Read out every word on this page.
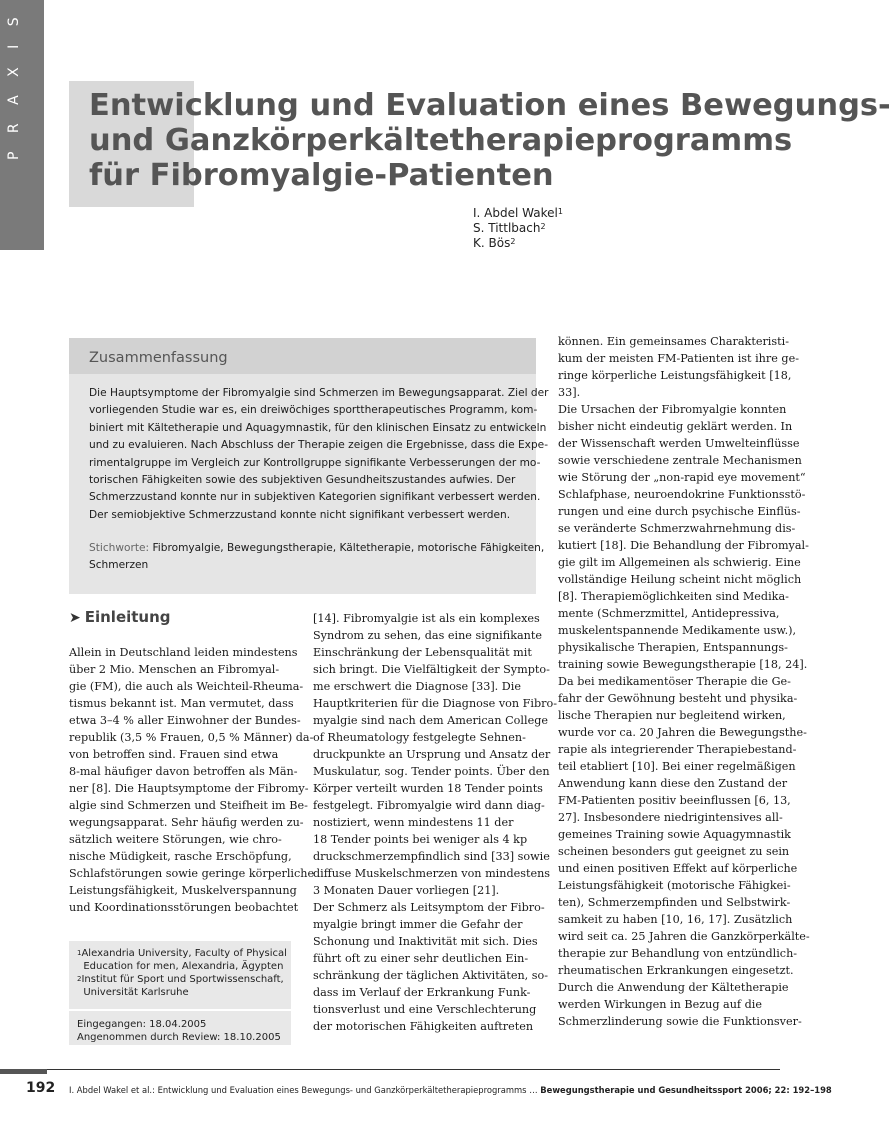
P R A X I S Entwicklung und Evaluation eines Bewegungs-
und Ganzkörperkältetherapieprogramms
für Fibromyalgie-Patienten
I. Abdel Wakel$^1$
S. Tittlbach$^2$
K. Bös$^2$
Zusammenfassung
Die Hauptsymptome der Fibromyalgie sind Schmerzen im Bewegungsapparat. Ziel der
vorliegenden Studie war es, ein dreiwöchiges sporttherapeutisches Programm, kom-
biniert mit Kältetherapie und Aquagymnastik, für den klinischen Einsatz zu entwickeln
und zu evaluieren. Nach Abschluss der Therapie zeigen die Ergebnisse, dass die Expe-
rimentalgruppe im Vergleich zur Kontrollgruppe signifikante Verbesserungen der mo-
torischen Fähigkeiten sowie des subjektiven Gesundheitszustandes aufwies. Der
Schmerzzustand konnte nur in subjektiven Kategorien signifikant verbessert werden.
Der semiobjektive Schmerzzustand konnte nicht signifikant verbessert werden.
Stichworte: Fibromyalgie, Bewegungstherapie, Kältetherapie, motorische Fähigkeiten,
Schmerzen
➤ Einleitung
Allein in Deutschland leiden mindestens
über 2 Mio. Menschen an Fibromyal-
gie (FM), die auch als Weichteil-Rheuma-
tismus bekannt ist. Man vermutet, dass
etwa 3–4 % aller Einwohner der Bundes-
republik (3,5 % Frauen, 0,5 % Männer) da-
von betroffen sind. Frauen sind etwa
8-mal häufiger davon betroffen als Män-
ner [8]. Die Hauptsymptome der Fibromy-
algie sind Schmerzen und Steifheit im Be-
wegungsapparat. Sehr häufig werden zu-
sätzlich weitere Störungen, wie chro-
nische Müdigkeit, rasche Erschöpfung,
Schlafstörungen sowie geringe körperliche
Leistungsfähigkeit, Muskelverspannung
und Koordinationsstörungen beobachtet
[14]. Fibromyalgie ist als ein komplexes
Syndrom zu sehen, das eine signifikante
Einschränkung der Lebensqualität mit
sich bringt. Die Vielfältigkeit der Sympto-
me erschwert die Diagnose [33]. Die
Hauptkriterien für die Diagnose von Fibro-
myalgie sind nach dem American College
of Rheumatology festgelegte Sehnen-
druckpunkte an Ursprung und Ansatz der
Muskulatur, sog. Tender points. Über den
Körper verteilt wurden 18 Tender points
festgelegt. Fibromyalgie wird dann diag-
nostiziert, wenn mindestens 11 der
18 Tender points bei weniger als 4 kp
druckschmerzempfindlich sind [33] sowie
diffuse Muskelschmerzen von mindestens
3 Monaten Dauer vorliegen [21].
Der Schmerz als Leitsymptom der Fibro-
myalgie bringt immer die Gefahr der
Schonung und Inaktivität mit sich. Dies
führt oft zu einer sehr deutlichen Ein-
schränkung der täglichen Aktivitäten, so-
dass im Verlauf der Erkrankung Funk-
tionsverlust und eine Verschlechterung
der motorischen Fähigkeiten auftreten
können. Ein gemeinsames Charakteristi-
kum der meisten FM-Patienten ist ihre ge-
ringe körperliche Leistungsfähigkeit [18,
33].
Die Ursachen der Fibromyalgie konnten
bisher nicht eindeutig geklärt werden. In
der Wissenschaft werden Umwelteinflüsse
sowie verschiedene zentrale Mechanismen
wie Störung der „non-rapid eye movement“
Schlafphase, neuroendokrine Funktionsstö-
rungen und eine durch psychische Einflüs-
se veränderte Schmerzwahrnehmung dis-
kutiert [18]. Die Behandlung der Fibromyal-
gie gilt im Allgemeinen als schwierig. Eine
vollständige Heilung scheint nicht möglich
[8]. Therapiemöglichkeiten sind Medika-
mente (Schmerzmittel, Antidepressiva,
muskelentspannende Medikamente usw.),
physikalische Therapien, Entspannungs-
training sowie Bewegungstherapie [18, 24].
Da bei medikamentöser Therapie die Ge-
fahr der Gewöhnung besteht und physika-
lische Therapien nur begleitend wirken,
wurde vor ca. 20 Jahren die Bewegungsthe-
rapie als integrierender Therapiebestand-
teil etabliert [10]. Bei einer regelmäßigen
Anwendung kann diese den Zustand der
FM-Patienten positiv beeinflussen [6, 13,
27]. Insbesondere niedrigintensives all-
gemeines Training sowie Aquagymnastik
scheinen besonders gut geeignet zu sein
und einen positiven Effekt auf körperliche
Leistungsfähigkeit (motorische Fähigkei-
ten), Schmerzempfinden und Selbstwirk-
samkeit zu haben [10, 16, 17]. Zusätzlich
wird seit ca. 25 Jahren die Ganzkörperkälte-
therapie zur Behandlung von entzündlich-
rheumatischen Erkrankungen eingesetzt.
Durch die Anwendung der Kältetherapie
werden Wirkungen in Bezug auf die
Schmerzlinderung sowie die Funktionsver-
$^1$Alexandria University, Faculty of Physical
Education for men, Alexandria, Ägypten
$^2$Institut für Sport und Sportwissenschaft,
Universität Karlsruhe
Eingegangen: 18.04.2005
Angenommen durch Review: 18.10.2005
192 I. Abdel Wakel et al.: Entwicklung und Evaluation eines Bewegungs- und Ganzkörperkältetherapieprogramms … Bewegungstherapie und Gesundheitssport 2006; 22: 192–198
